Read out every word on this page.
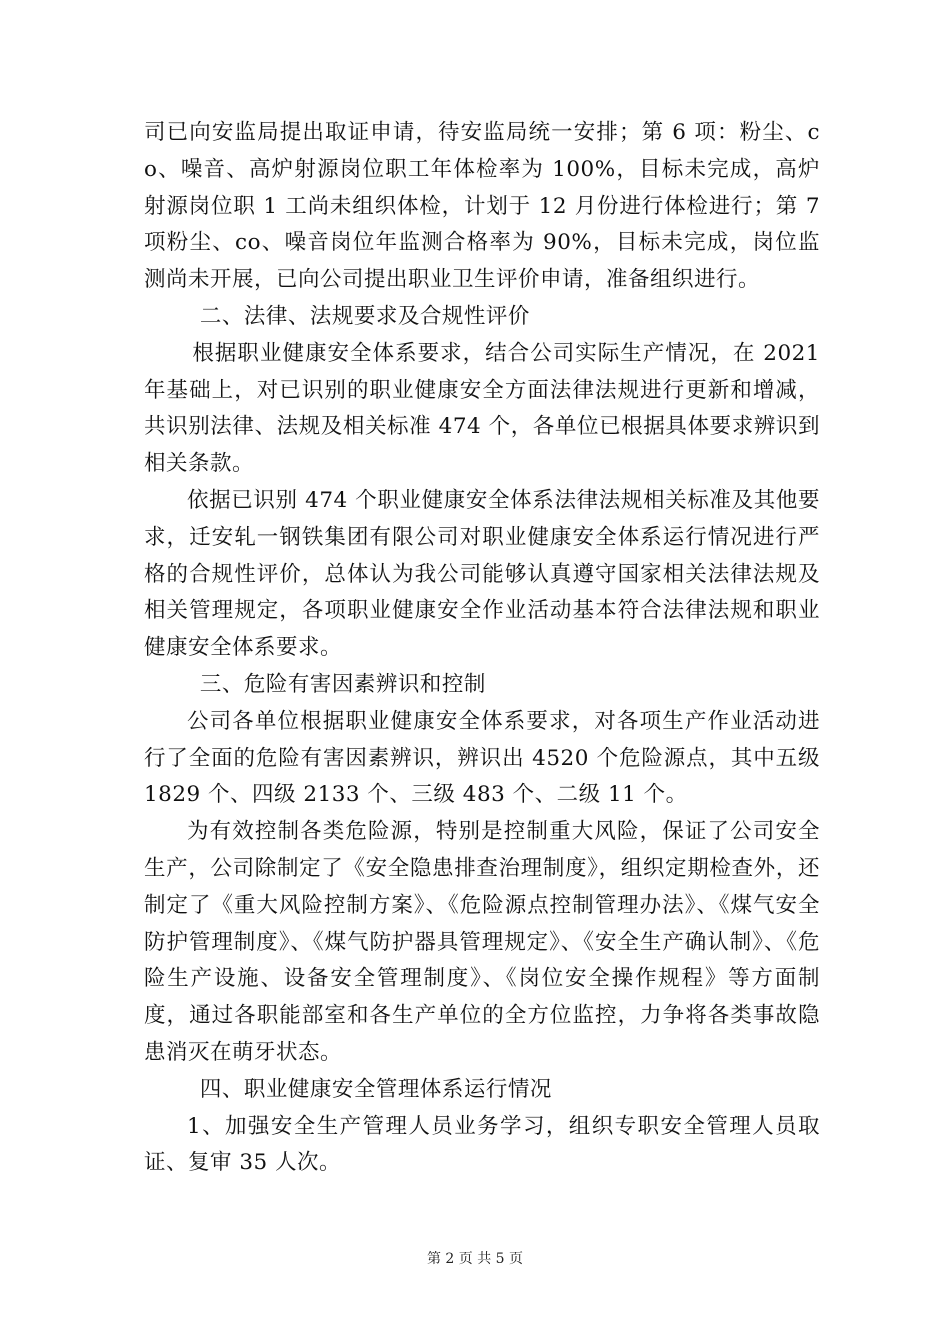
司已向安监局提出取证申请，待安监局统一安排；第 6 项：粉尘、co、噪音、高炉射源岗位职工年体检率为 100%，目标未完成，高炉射源岗位职 1 工尚未组织体检，计划于 12 月份进行体检进行；第 7 项粉尘、co、噪音岗位年监测合格率为 90%，目标未完成，岗位监测尚未开展，已向公司提出职业卫生评价申请，准备组织进行。

二、法律、法规要求及合规性评价

根据职业健康安全体系要求，结合公司实际生产情况，在 2021 年基础上，对已识别的职业健康安全方面法律法规进行更新和增减，共识别法律、法规及相关标准 474 个，各单位已根据具体要求辨识到相关条款。

依据已识别 474 个职业健康安全体系法律法规相关标准及其他要求，迁安轧一钢铁集团有限公司对职业健康安全体系运行情况进行严格的合规性评价，总体认为我公司能够认真遵守国家相关法律法规及相关管理规定，各项职业健康安全作业活动基本符合法律法规和职业健康安全体系要求。

三、危险有害因素辨识和控制

公司各单位根据职业健康安全体系要求，对各项生产作业活动进行了全面的危险有害因素辨识，辨识出 4520 个危险源点，其中五级 1829 个、四级 2133 个、三级 483 个、二级 11 个。

为有效控制各类危险源，特别是控制重大风险，保证了公司安全生产，公司除制定了《安全隐患排查治理制度》，组织定期检查外，还制定了《重大风险控制方案》、《危险源点控制管理办法》、《煤气安全防护管理制度》、《煤气防护器具管理规定》、《安全生产确认制》、《危险生产设施、设备安全管理制度》、《岗位安全操作规程》等方面制度，通过各职能部室和各生产单位的全方位监控，力争将各类事故隐患消灭在萌牙状态。

四、职业健康安全管理体系运行情况

1、加强安全生产管理人员业务学习，组织专职安全管理人员取证、复审 35 人次。

第 2 页 共 5 页
